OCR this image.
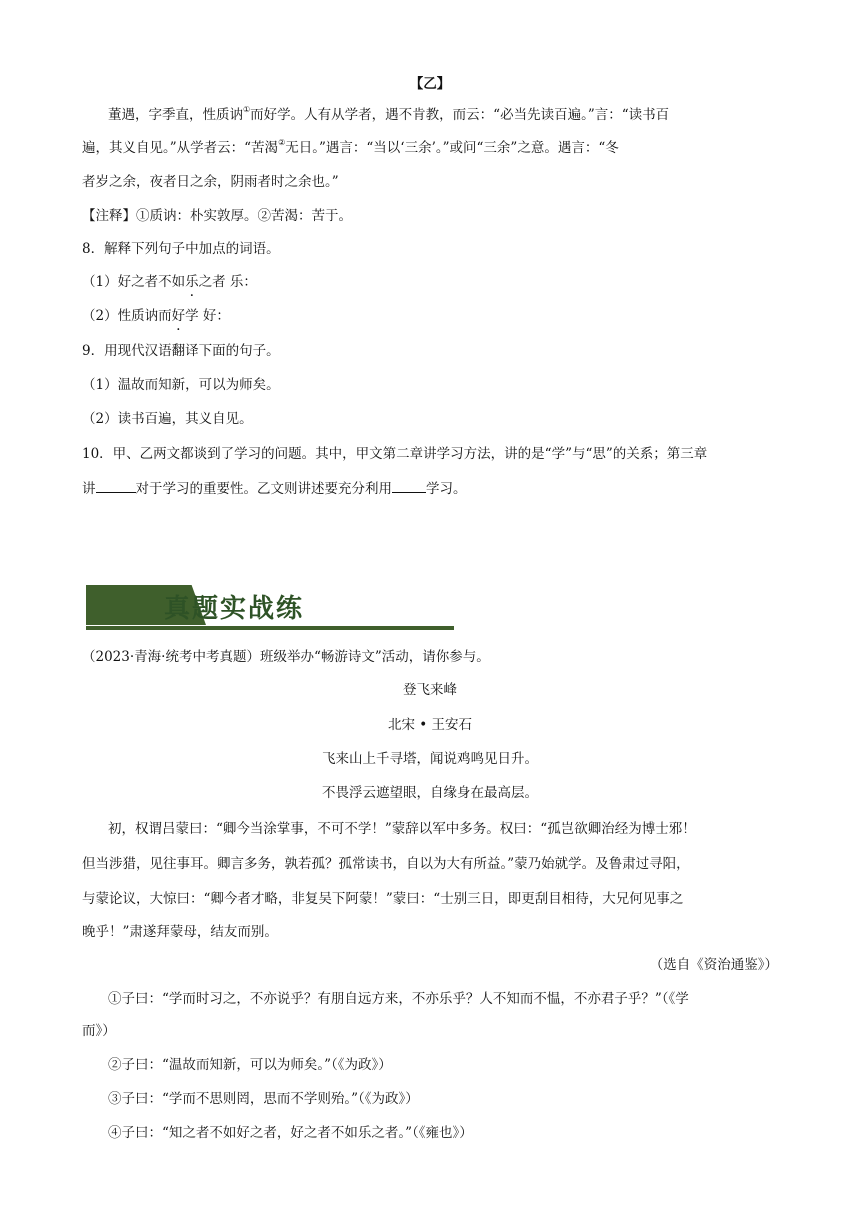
【乙】
董遇，字季直，性质讷①而好学。人有从学者，遇不肯教，而云：“必当先读百遍。”言：“读书百
遍，其义自见。”从学者云：“苦渴②无日。”遇言：“当以‘三余’。”或问“三余”之意。遇言：“冬
者岁之余，夜者日之余，阴雨者时之余也。”
【注释】①质讷：朴实敦厚。②苦渴：苦于。
8．解释下列句子中加点的词语。
（1）好之者不如乐之者 乐：
（2）性质讷而好学 好：
9．用现代汉语翻译下面的句子。
（1）温故而知新，可以为师矣。
（2）读书百遍，其义自见。
10．甲、乙两文都谈到了学习的问题。其中，甲文第二章讲学习方法，讲的是“学”与“思”的关系；第三章
讲	对于学习的重要性。乙文则讲述要充分利用	学习。
真题实战练
（2023·青海·统考中考真题）班级举办“畅游诗文”活动，请你参与。
登飞来峰
北宋 • 王安石
飞来山上千寻塔，闻说鸡鸣见日升。
不畏浮云遮望眼，自缘身在最高层。
初，权谓吕蒙曰：“卿今当涂掌事，不可不学！”蒙辞以军中多务。权曰：“孤岂欲卿治经为博士邪！
但当涉猎，见往事耳。卿言多务，孰若孤？孤常读书，自以为大有所益。”蒙乃始就学。及鲁肃过寻阳，
与蒙论议，大惊曰：“卿今者才略，非复吴下阿蒙！”蒙曰：“士别三日，即更刮目相待，大兄何见事之
晚乎！”肃遂拜蒙母，结友而别。
（选自《资治通鉴》）
①子曰：“学而时习之，不亦说乎？有朋自远方来，不亦乐乎？人不知而不愠，不亦君子乎？”（《学
而》）
②子曰：“温故而知新，可以为师矣。”（《为政》）
③子曰：“学而不思则罔，思而不学则殆。”（《为政》）
④子曰：“知之者不如好之者，好之者不如乐之者。”（《雍也》）
